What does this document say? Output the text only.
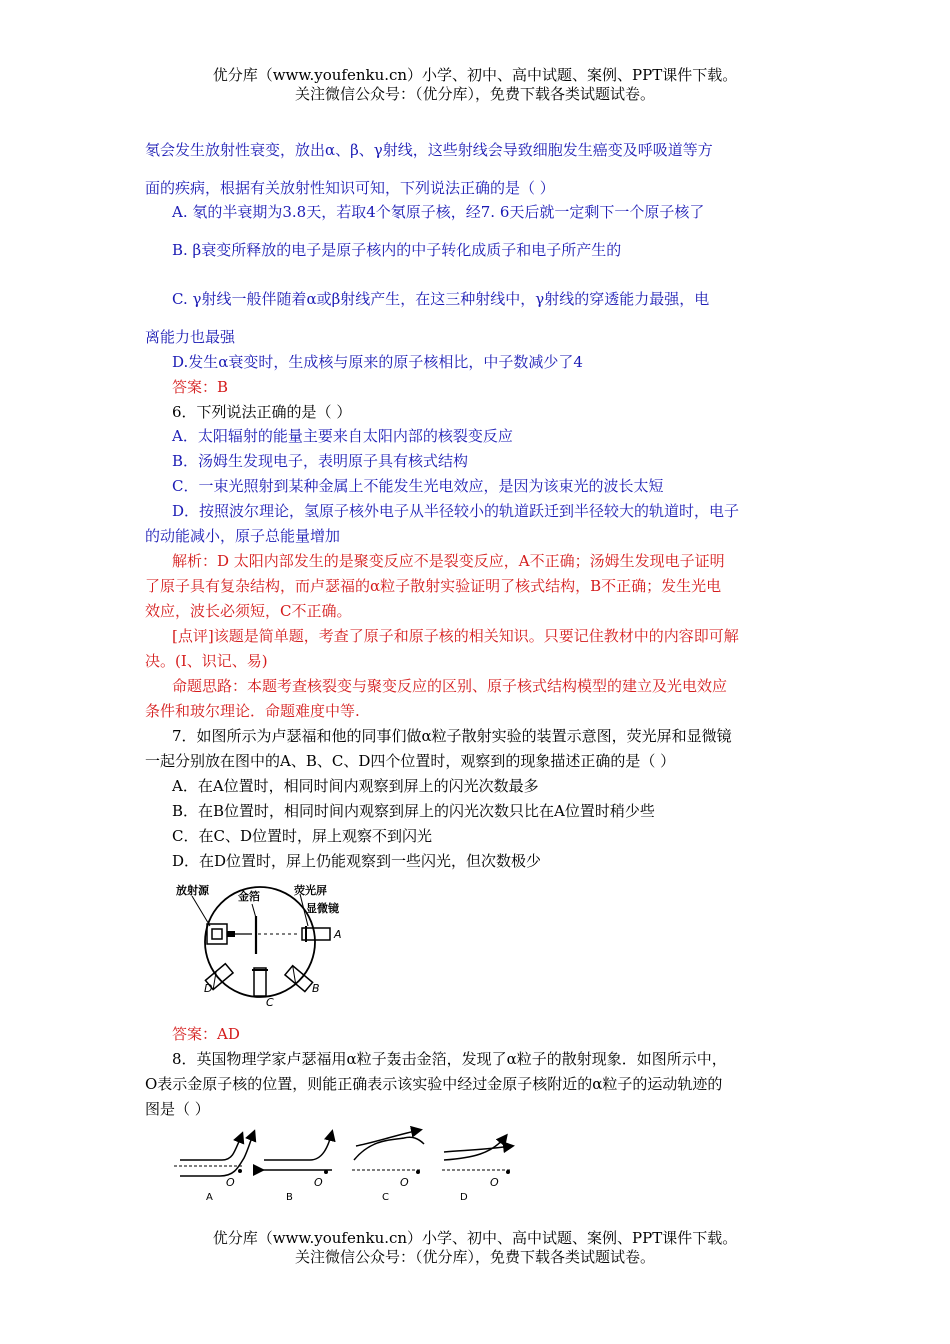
优分库（www.youfenku.cn）小学、初中、高中试题、案例、PPT课件下载。
关注微信公众号：（优分库），免费下载各类试题试卷。
氡会发生放射性衰变，放出α、β、γ射线，这些射线会导致细胞发生癌变及呼吸道等方
面的疾病，根据有关放射性知识可知，下列说法正确的是（ ）
A. 氡的半衰期为3.8天，若取4个氡原子核，经7. 6天后就一定剩下一个原子核了
B. β衰变所释放的电子是原子核内的中子转化成质子和电子所产生的
C. γ射线一般伴随着α或β射线产生，在这三种射线中，γ射线的穿透能力最强，电
离能力也最强
D.发生α衰变时，生成核与原来的原子核相比，中子数减少了4
答案：B
6．下列说法正确的是（ ）
A．太阳辐射的能量主要来自太阳内部的核裂变反应
B．汤姆生发现电子，表明原子具有核式结构
C．一束光照射到某种金属上不能发生光电效应，是因为该束光的波长太短
D．按照波尔理论，氢原子核外电子从半径较小的轨道跃迁到半径较大的轨道时，电子
的动能减小，原子总能量增加
解析：D 太阳内部发生的是聚变反应不是裂变反应，A不正确；汤姆生发现电子证明
了原子具有复杂结构，而卢瑟福的α粒子散射实验证明了核式结构，B不正确；发生光电
效应，波长必须短，C不正确。
[点评]该题是简单题，考查了原子和原子核的相关知识。只要记住教材中的内容即可解
决。(I、识记、易)
命题思路：本题考查核裂变与聚变反应的区别、原子核式结构模型的建立及光电效应
条件和玻尔理论．命题难度中等.
7．如图所示为卢瑟福和他的同事们做α粒子散射实验的装置示意图，荧光屏和显微镜
一起分别放在图中的A、B、C、D四个位置时，观察到的现象描述正确的是（ ）
A．在A位置时，相同时间内观察到屏上的闪光次数最多
B．在B位置时，相同时间内观察到屏上的闪光次数只比在A位置时稍少些
C．在C、D位置时，屏上观察不到闪光
D．在D位置时，屏上仍能观察到一些闪光，但次数极少
放射源	金箔	荧光屏
显微镜
A
B
C
D
答案：AD
8．英国物理学家卢瑟福用α粒子轰击金箔，发现了α粒子的散射现象．如图所示中，
O表示金原子核的位置，则能正确表示该实验中经过金原子核附近的α粒子的运动轨迹的
图是（ ）
O
A
O
B
O
C
O
D
优分库（www.youfenku.cn）小学、初中、高中试题、案例、PPT课件下载。
关注微信公众号：（优分库），免费下载各类试题试卷。
